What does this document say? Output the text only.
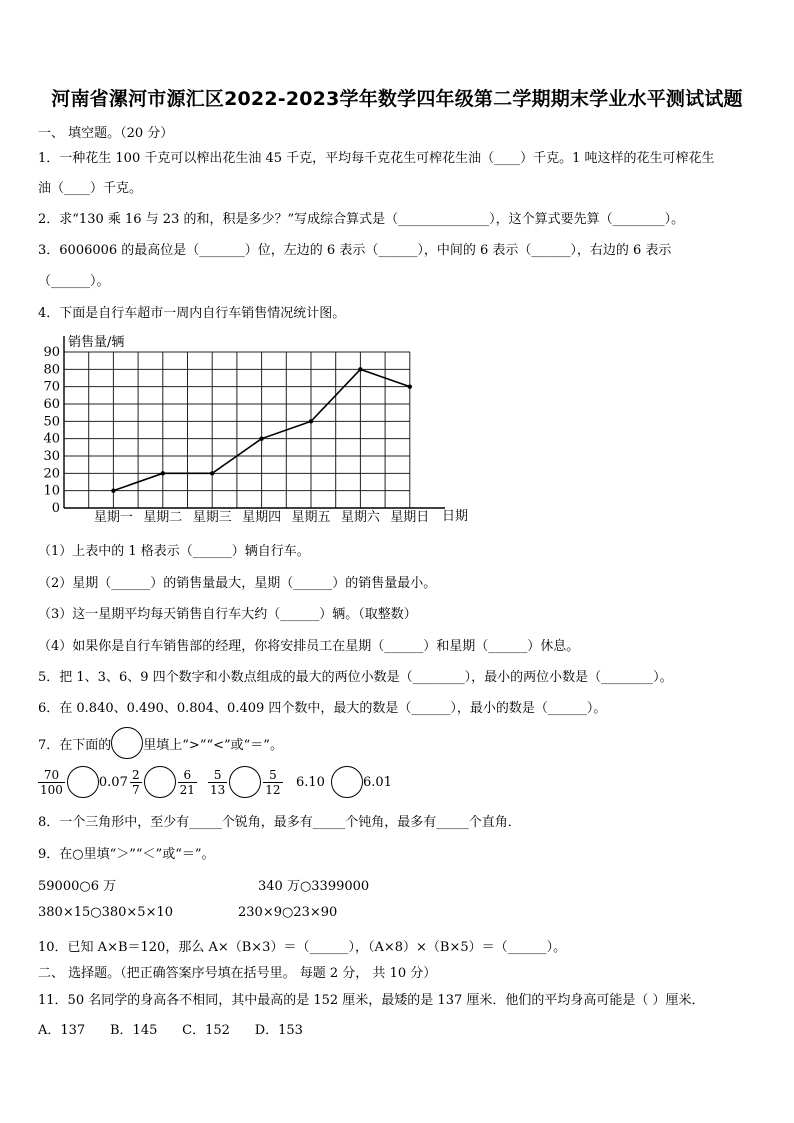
河南省漯河市源汇区2022-2023学年数学四年级第二学期期末学业水平测试试题
一、 填空题。（20 分）
1．一种花生 100 千克可以榨出花生油 45 千克，平均每千克花生可榨花生油（____）千克。1 吨这样的花生可榨花生
油（____）千克。
2．求“130 乘 16 与 23 的和，积是多少？”写成综合算式是（______________），这个算式要先算（________）。
3．6006006 的最高位是（_______）位，左边的 6 表示（______），中间的 6 表示（______），右边的 6 表示
（______）。
4．下面是自行车超市一周内自行车销售情况统计图。
0
10
20
30
40
50
60
70
80
90
销售量/辆
日期
星期一 星期二 星期三 星期四 星期五 星期六 星期日
（1）上表中的 1 格表示（______）辆自行车。
（2）星期（______）的销售量最大，星期（______）的销售量最小。
（3）这一星期平均每天销售自行车大约（______）辆。（取整数）
（4）如果你是自行车销售部的经理，你将安排员工在星期（______）和星期（______）休息。
5．把 1、3、6、9 四个数字和小数点组成的最大的两位小数是（________），最小的两位小数是（________）。
6．在 0.840、0.490、0.804、0.409 四个数中，最大的数是（______），最小的数是（______）。
7．在下面的 里填上“>”“<”或“＝”。
$\frac{70}{100}$	$0.07 \frac{2}{7}$	$\frac{6}{21} \frac{5}{13}$	$\frac{5}{12} 6.10$	6.01
8．一个三角形中，至少有_____个锐角，最多有_____个钝角，最多有_____个直角．
9．在○里填“＞”“＜”或“＝”。
59000○6 万	340 万○3399000
380×15○380×5×10	230×9○23×90
10．已知 A×B＝120，那么 A×（B×3）＝（______），（A×8）×（B×5）＝（______）。
二、 选择题。（把正确答案序号填在括号里。 每题 2 分， 共 10 分）
11．50 名同学的身高各不相同，其中最高的是 152 厘米，最矮的是 137 厘米．他们的平均身高可能是（ ）厘米．
A．137      B．145      C．152      D．153
